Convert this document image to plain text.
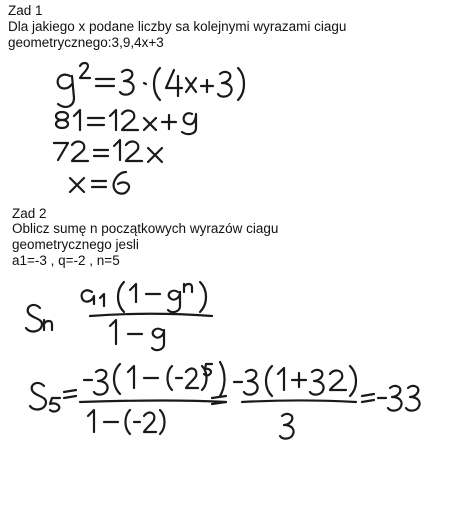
Zad 1
Dla jakiego x podane liczby sa kolejnymi wyrazami ciagu
geometrycznego:3,9,4x+3
Zad 2
Oblicz sumę n początkowych wyrazów ciagu
geometrycznego jesli
a1=-3 , q=-2 , n=5
